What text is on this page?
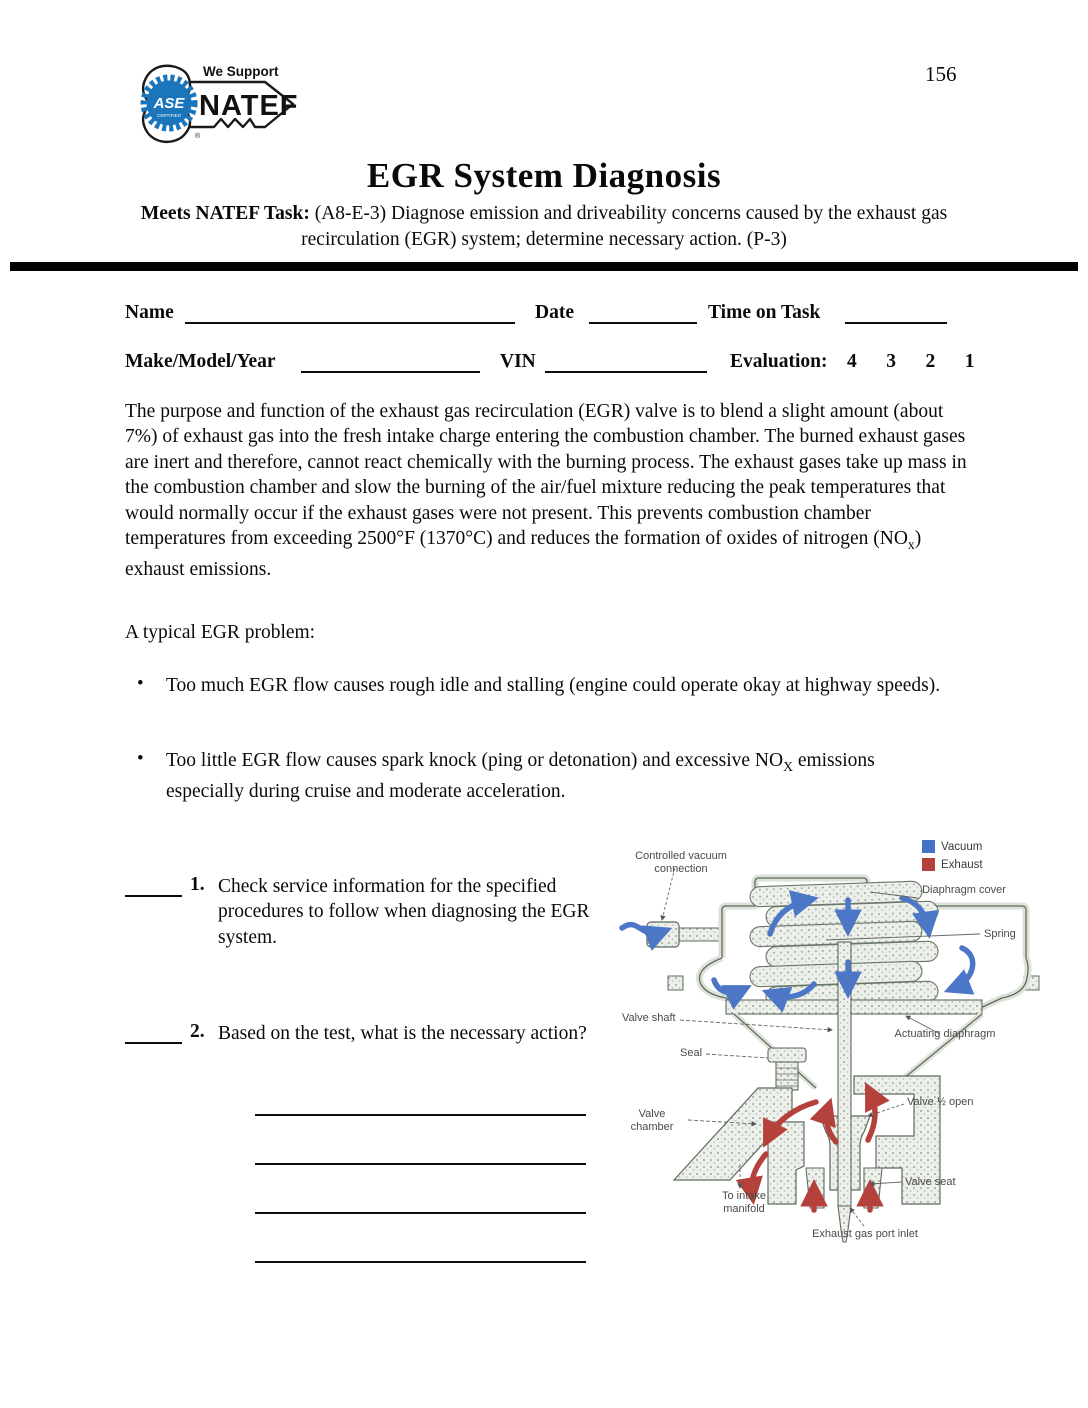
156
ASE
CERTIFIED
®
We Support
NATEF
EGR System Diagnosis
Meets NATEF Task: (A8-E-3) Diagnose emission and driveability concerns caused by the exhaust gas recirculation (EGR) system; determine necessary action. (P-3)
Name	Date	Time on Task
Make/Model/Year	VIN	Evaluation: 4    3    2    1
The purpose and function of the exhaust gas recirculation (EGR) valve is to blend a slight amount (about 7%) of exhaust gas into the fresh intake charge entering the combustion chamber. The burned exhaust gases are inert and therefore, cannot react chemically with the burning process. The exhaust gases take up mass in the combustion chamber and slow the burning of the air/fuel mixture reducing the peak temperatures that would normally occur if the exhaust gases were not present. This prevents combustion chamber temperatures from exceeding 2500°F (1370°C) and reduces the formation of oxides of nitrogen $(NO_x)$ exhaust emissions.
A typical EGR problem:
• Too much EGR flow causes rough idle and stalling (engine could operate okay at highway speeds).
• Too little EGR flow causes spark knock (ping or detonation) and excessive $NO_X$ emissions especially during cruise and moderate acceleration.
1. Check service information for the specified procedures to follow when diagnosing the EGR system.
2. Based on the test, what is the necessary action?
Vacuum
Exhaust
Controlled vacuum connection
Diaphragm cover
Spring
Valve shaft
Seal
Actuating diaphragm
Valve chamber
Valve ½ open
Valve seat
To intake manifold
Exhaust gas port inlet
